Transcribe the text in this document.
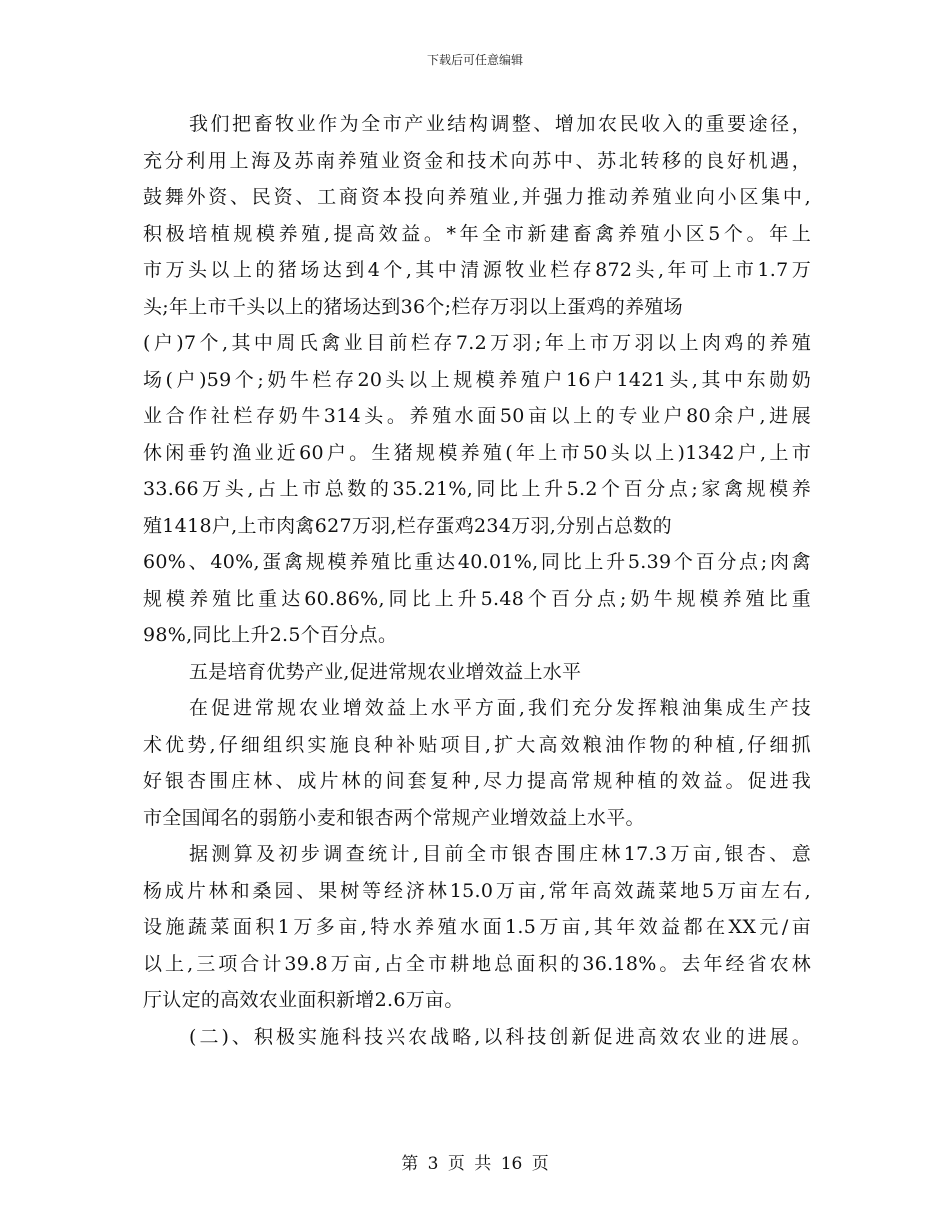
下载后可任意编辑
我们把畜牧业作为全市产业结构调整、增加农民收入的重要途径，
充分利用上海及苏南养殖业资金和技术向苏中、苏北转移的良好机遇，
鼓舞外资、民资、工商资本投向养殖业,并强力推动养殖业向小区集中,
积极培植规模养殖,提高效益。*年全市新建畜禽养殖小区5个。年上
市万头以上的猪场达到4个,其中清源牧业栏存872头,年可上市1.7万
头;年上市千头以上的猪场达到36个;栏存万羽以上蛋鸡的养殖场
(户)7个,其中周氏禽业目前栏存7.2万羽;年上市万羽以上肉鸡的养殖
场(户)59个;奶牛栏存20头以上规模养殖户16户1421头,其中东勋奶
业合作社栏存奶牛314头。养殖水面50亩以上的专业户80余户,进展
休闲垂钓渔业近60户。生猪规模养殖(年上市50头以上)1342户,上市
33.66万头,占上市总数的35.21%,同比上升5.2个百分点;家禽规模养
殖1418户,上市肉禽627万羽,栏存蛋鸡234万羽,分别占总数的
60%、40%,蛋禽规模养殖比重达40.01%,同比上升5.39个百分点;肉禽
规模养殖比重达60.86%,同比上升5.48个百分点;奶牛规模养殖比重
98%,同比上升2.5个百分点。
五是培育优势产业,促进常规农业增效益上水平
在促进常规农业增效益上水平方面,我们充分发挥粮油集成生产技
术优势,仔细组织实施良种补贴项目,扩大高效粮油作物的种植,仔细抓
好银杏围庄林、成片林的间套复种,尽力提高常规种植的效益。促进我
市全国闻名的弱筋小麦和银杏两个常规产业增效益上水平。
据测算及初步调查统计,目前全市银杏围庄林17.3万亩,银杏、意
杨成片林和桑园、果树等经济林15.0万亩,常年高效蔬菜地5万亩左右,
设施蔬菜面积1万多亩,特水养殖水面1.5万亩,其年效益都在XX元/亩
以上,三项合计39.8万亩,占全市耕地总面积的36.18%。去年经省农林
厅认定的高效农业面积新增2.6万亩。
(二)、积极实施科技兴农战略,以科技创新促进高效农业的进展。
第 3 页 共 16 页
